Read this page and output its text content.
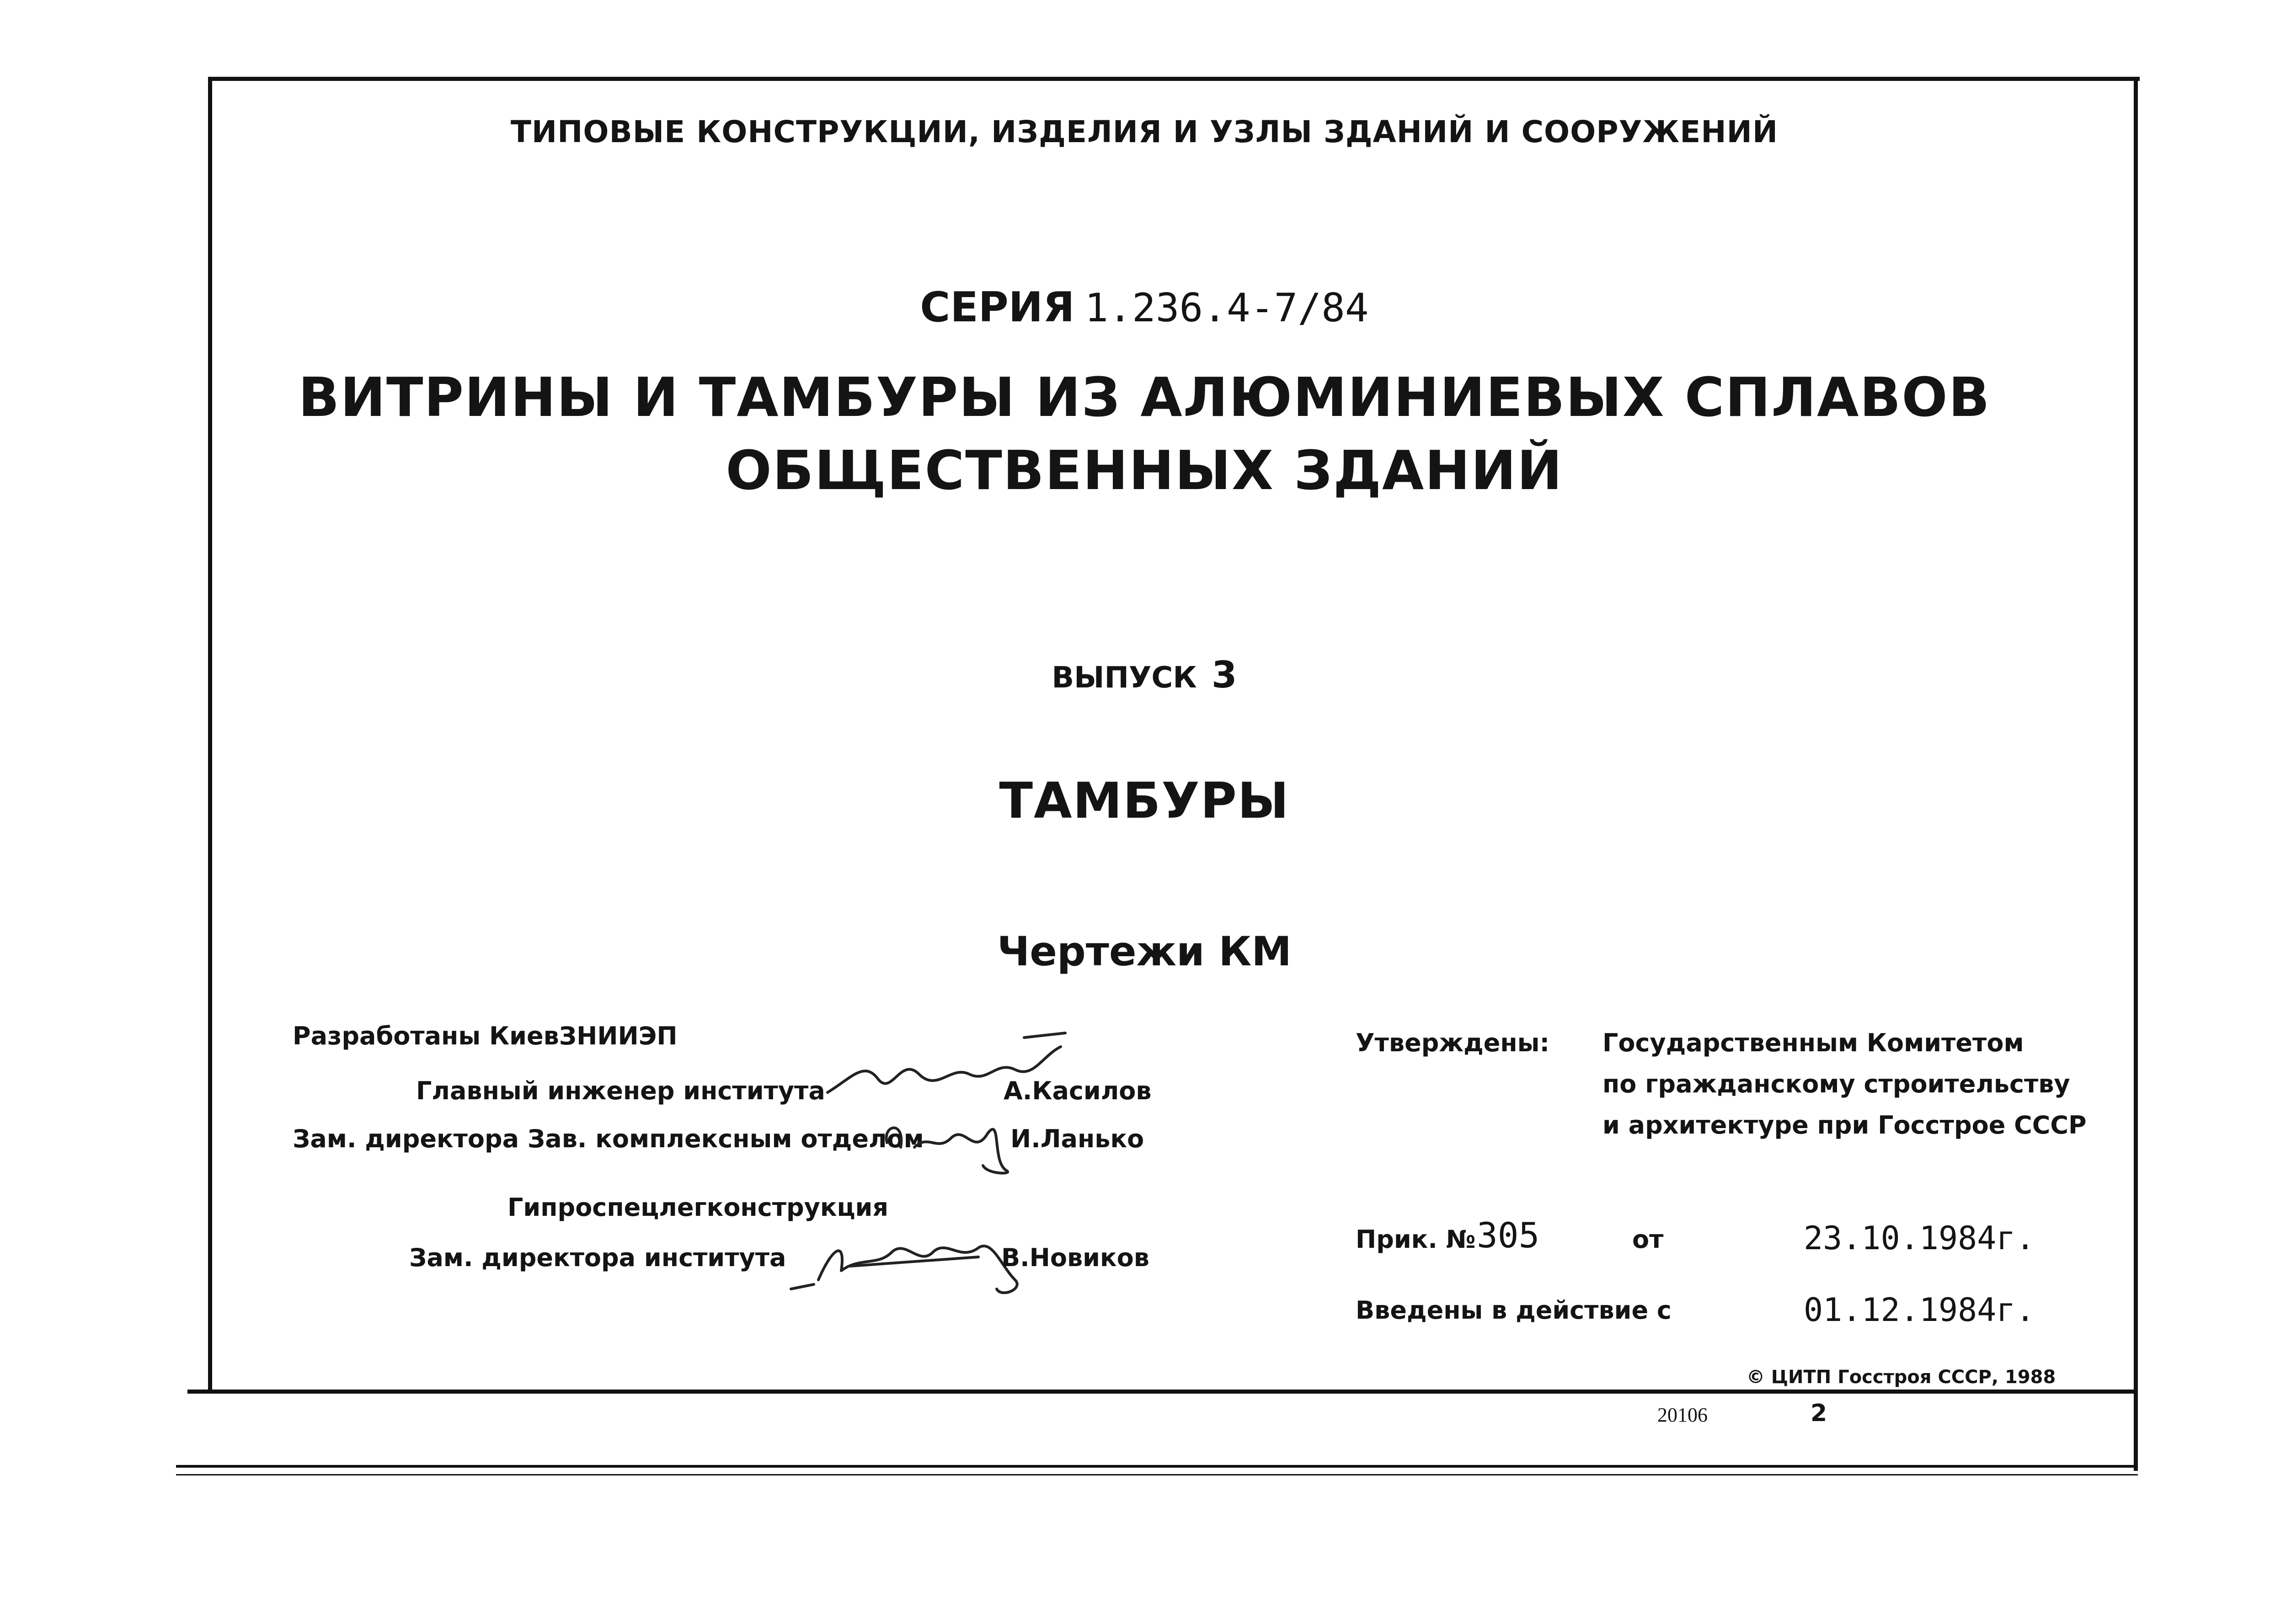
ТИПОВЫЕ КОНСТРУКЦИИ, ИЗДЕЛИЯ И УЗЛЫ ЗДАНИЙ И СООРУЖЕНИЙ
СЕРИЯ 1.236.4-7/84
ВИТРИНЫ И ТАМБУРЫ ИЗ АЛЮМИНИЕВЫХ СПЛАВОВ
ОБЩЕСТВЕННЫХ ЗДАНИЙ
ВЫПУСК 3
ТАМБУРЫ
Чертежи КМ
Разработаны КиевЗНИИЭП
Главный инженер института	А.Касилов
Зам. директора Зав. комплексным отделом	И.Ланько
Гипроспецлегконструкция
Зам. директора института	В.Новиков
Утверждены: Государственным Комитетом
по гражданскому строительству
и архитектуре при Госстрое СССР
Прик. № 305	от	23.10.1984г.
Введены в действие с	01.12.1984г.
© ЦИТП Госстроя СССР, 1988
20106	2
